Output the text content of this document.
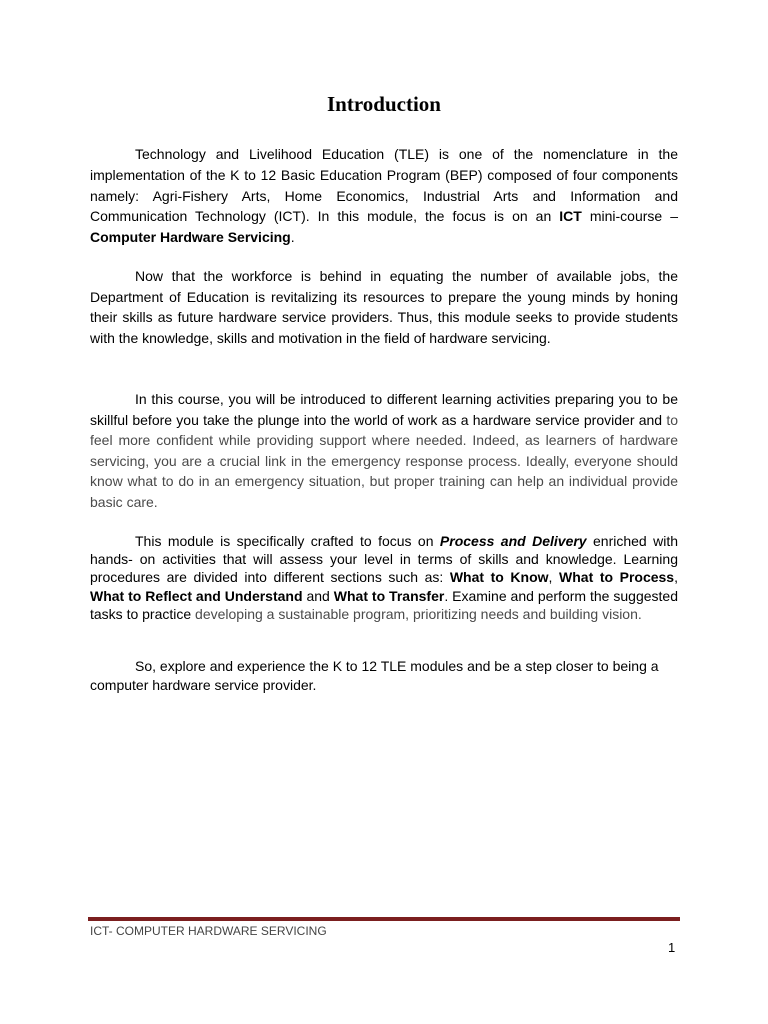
Introduction

Technology and Livelihood Education (TLE) is one of the nomenclature in the implementation of the K to 12 Basic Education Program (BEP) composed of four components namely: Agri-Fishery Arts, Home Economics, Industrial Arts and Information and Communication Technology (ICT). In this module, the focus is on an ICT mini-course – Computer Hardware Servicing.

Now that the workforce is behind in equating the number of available jobs, the Department of Education is revitalizing its resources to prepare the young minds by honing their skills as future hardware service providers. Thus, this module seeks to provide students with the knowledge, skills and motivation in the field of hardware servicing.

In this course, you will be introduced to different learning activities preparing you to be skillful before you take the plunge into the world of work as a hardware service provider and to feel more confident while providing support where needed. Indeed, as learners of hardware servicing, you are a crucial link in the emergency response process. Ideally, everyone should know what to do in an emergency situation, but proper training can help an individual provide basic care.

This module is specifically crafted to focus on Process and Delivery enriched with hands- on activities that will assess your level in terms of skills and knowledge. Learning procedures are divided into different sections such as: What to Know, What to Process, What to Reflect and Understand and What to Transfer. Examine and perform the suggested tasks to practice developing a sustainable program, prioritizing needs and building vision.

So, explore and experience the K to 12 TLE modules and be a step closer to being a computer hardware service provider.

ICT- COMPUTER HARDWARE SERVICING
1
